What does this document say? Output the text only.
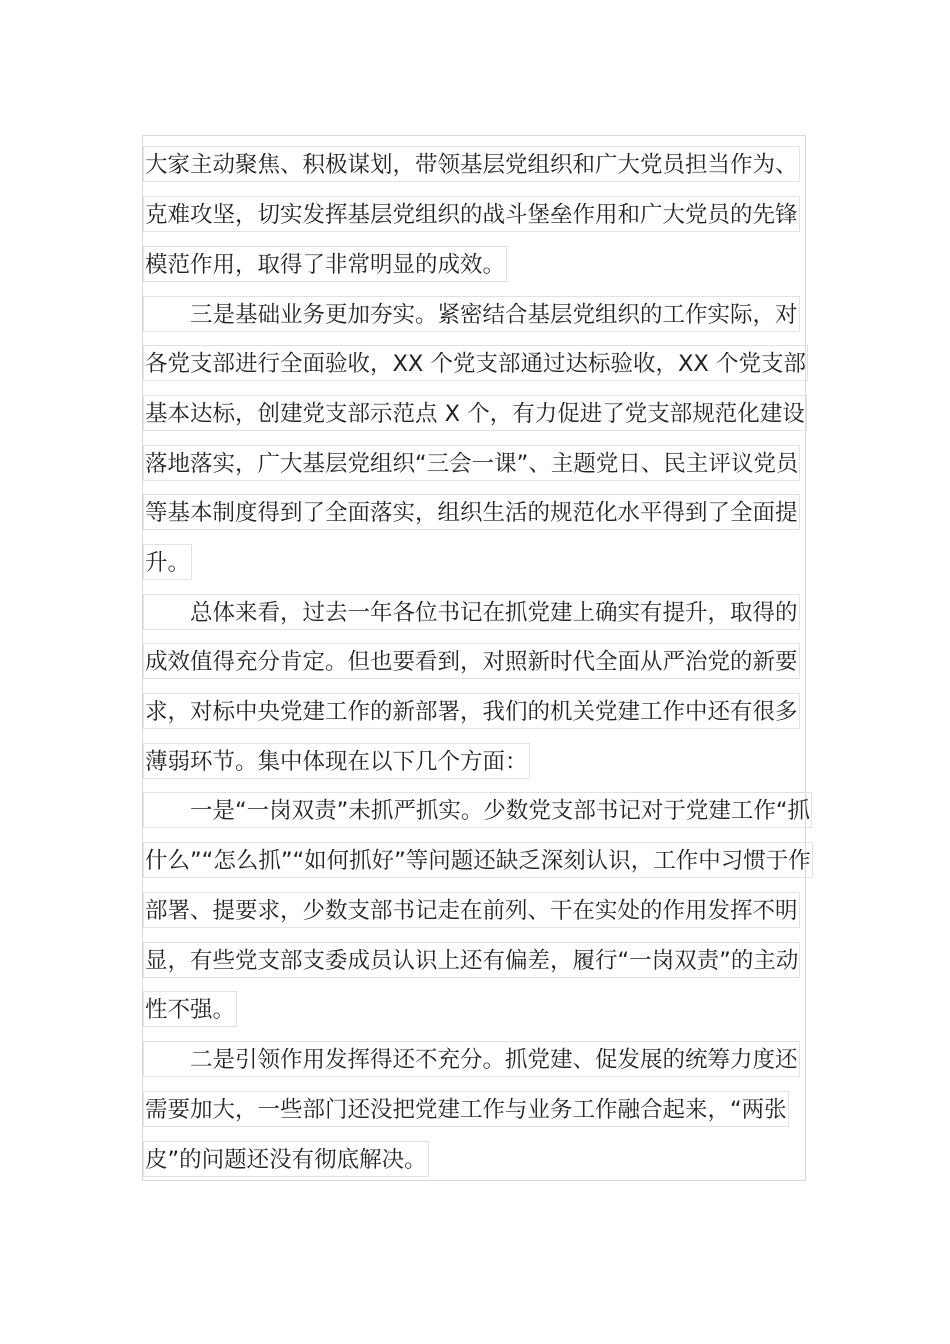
大家主动聚焦、积极谋划，带领基层党组织和广大党员担当作为、
克难攻坚，切实发挥基层党组织的战斗堡垒作用和广大党员的先锋
模范作用，取得了非常明显的成效。
三是基础业务更加夯实。紧密结合基层党组织的工作实际，对
各党支部进行全面验收，XX 个党支部通过达标验收，XX 个党支部
基本达标，创建党支部示范点 X 个，有力促进了党支部规范化建设
落地落实，广大基层党组织“三会一课”、主题党日、民主评议党员
等基本制度得到了全面落实，组织生活的规范化水平得到了全面提
升。
总体来看，过去一年各位书记在抓党建上确实有提升，取得的
成效值得充分肯定。但也要看到，对照新时代全面从严治党的新要
求，对标中央党建工作的新部署，我们的机关党建工作中还有很多
薄弱环节。集中体现在以下几个方面：
一是“一岗双责”未抓严抓实。少数党支部书记对于党建工作“抓
什么”“怎么抓”“如何抓好”等问题还缺乏深刻认识，工作中习惯于作
部署、提要求，少数支部书记走在前列、干在实处的作用发挥不明
显，有些党支部支委成员认识上还有偏差，履行“一岗双责”的主动
性不强。
二是引领作用发挥得还不充分。抓党建、促发展的统筹力度还
需要加大，一些部门还没把党建工作与业务工作融合起来，“两张
皮”的问题还没有彻底解决。
